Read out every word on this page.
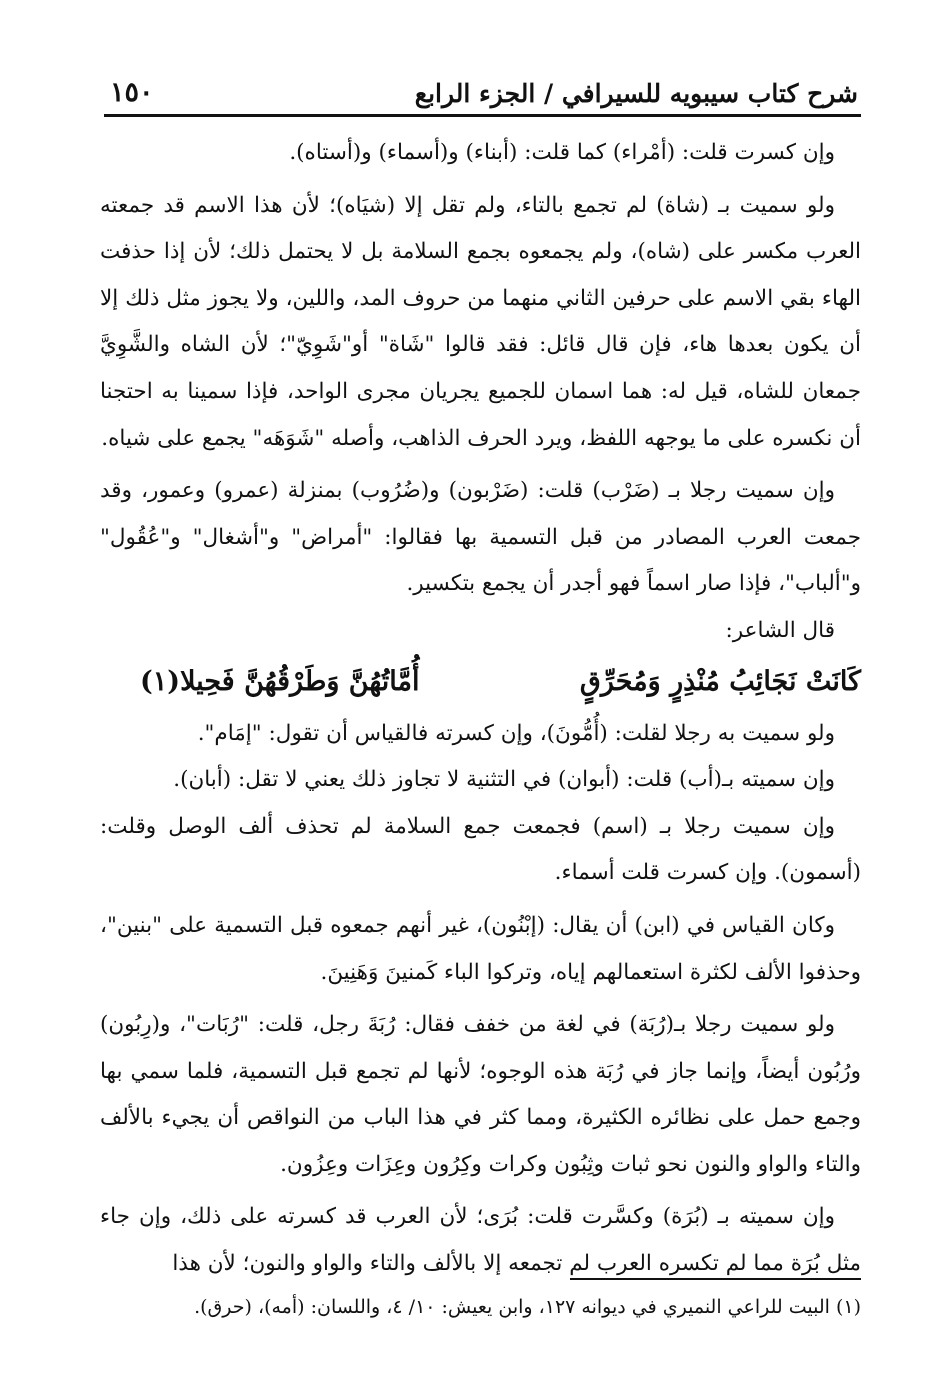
شرح كتاب سيبويه للسيرافي / الجزء الرابع
١٥٠

وإن كسرت قلت: (أمْراء) كما قلت: (أبناء) و(أسماء) و(أستاه).

ولو سميت بـ (شاة) لم تجمع بالتاء، ولم تقل إلا (شيَاه)؛ لأن هذا الاسم قد جمعته العرب مكسر على (شاه)، ولم يجمعوه بجمع السلامة بل لا يحتمل ذلك؛ لأن إذا حذفت الهاء بقي الاسم على حرفين الثاني منهما من حروف المد، واللين، ولا يجوز مثل ذلك إلا أن يكون بعدها هاء، فإن قال قائل: فقد قالوا "شَاة" أو"شَوِيّ"؛ لأن الشاه والشَّوِيَّ جمعان للشاه، قيل له: هما اسمان للجميع يجريان مجرى الواحد، فإذا سمينا به احتجنا أن نكسره على ما يوجهه اللفظ، ويرد الحرف الذاهب، وأصله "شَوَهَه" يجمع على شياه.

وإن سميت رجلا بـ (ضَرْب) قلت: (ضَرْبون) و(ضُرُوب) بمنزلة (عمرو) وعمور، وقد جمعت العرب المصادر من قبل التسمية بها فقالوا: "أمراض" و"أشغال" و"عُقُول" و"ألباب"، فإذا صار اسماً فهو أجدر أن يجمع بتكسير.

قال الشاعر:

كَانَتْ نَجَائِبُ مُنْذِرٍ وَمُحَرِّقٍ
أُمَّاتُهُنَّ وَطَرْقُهُنَّ فَحِيلا(١)

ولو سميت به رجلا لقلت: (أُمُّونَ)، وإن كسرته فالقياس أن تقول: "إمَام".

وإن سميته بـ(أب) قلت: (أبوان) في التثنية لا تجاوز ذلك يعني لا تقل: (أبان).

وإن سميت رجلا بـ (اسم) فجمعت جمع السلامة لم تحذف ألف الوصل وقلت: (أسمون). وإن كسرت قلت أسماء.

وكان القياس في (ابن) أن يقال: (إبْنُون)، غير أنهم جمعوه قبل التسمية على "بنين"، وحذفوا الألف لكثرة استعمالهم إياه، وتركوا الباء كَمنينَ وَهَنِينَ.

ولو سميت رجلا بـ(رُبَة) في لغة من خفف فقال: رُبَةَ رجل، قلت: "رُبَات"، و(رِبُون) ورُبُون أيضاً، وإنما جاز في رُبَة هذه الوجوه؛ لأنها لم تجمع قبل التسمية، فلما سمي بها وجمع حمل على نظائره الكثيرة، ومما كثر في هذا الباب من النواقص أن يجيء بالألف والتاء والواو والنون نحو ثبات وثِبُون وكرات وكِرُون وعِزَات وعِزُون.

وإن سميته بـ (بُرَة) وكسَّرت قلت: بُرَى؛ لأن العرب قد كسرته على ذلك، وإن جاء مثل بُرَة مما لم تكسره العرب لم تجمعه إلا بالألف والتاء والواو والنون؛ لأن هذا

(١) البيت للراعي النميري في ديوانه ١٢٧، وابن يعيش: ١٠/ ٤، واللسان: (أمه)، (حرق).
